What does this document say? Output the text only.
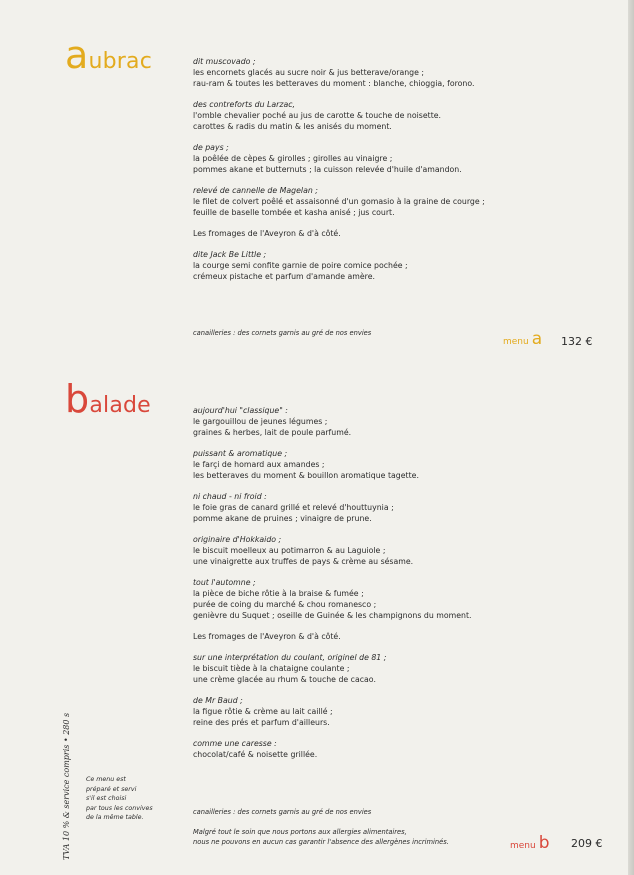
aubrac	dit muscovado ;
les encornets glacés au sucre noir & jus betterave/orange ;
rau-ram & toutes les betteraves du moment : blanche, chioggia, forono.
des contreforts du Larzac,
l'omble chevalier poché au jus de carotte & touche de noisette.
carottes & radis du matin & les anisés du moment.
de pays ;
la poêlée de cèpes & girolles ; girolles au vinaigre ;
pommes akane et butternuts ; la cuisson relevée d'huile d'amandon.
relevé de cannelle de Magelan ;
le filet de colvert poêlé et assaisonné d'un gomasio à la graine de courge ;
feuille de baselle tombée et kasha anisé ; jus court.
Les fromages de l'Aveyron & d'à côté.
dite Jack Be Little ;
la courge semi confite garnie de poire comice pochée ;
crémeux pistache et parfum d'amande amère.
canailleries : des cornets garnis au gré de nos envies
menu a 132 €
balade	aujourd'hui "classique" :
le gargouillou de jeunes légumes ;
graines & herbes, lait de poule parfumé.
puissant & aromatique ;
le farçi de homard aux amandes ;
les betteraves du moment & bouillon aromatique tagette.
ni chaud - ni froid :
le foie gras de canard grillé et relevé d'houttuynia ;
pomme akane de pruines ; vinaigre de prune.
originaire d'Hokkaido ;
le biscuit moelleux au potimarron & au Laguiole ;
une vinaigrette aux truffes de pays & crème au sésame.
tout l'automne ;
la pièce de biche rôtie à la braise & fumée ;
purée de coing du marché & chou romanesco ;
genièvre du Suquet ; oseille de Guinée & les champignons du moment.
Les fromages de l'Aveyron & d'à côté.
sur une interprétation du coulant, originel de 81 ;
le biscuit tiède à la chataigne coulante ;
une crème glacée au rhum & touche de cacao.
de Mr Baud ;
la figue rôtie & crème au lait caillé ;
reine des prés et parfum d'ailleurs.
comme une caresse :
chocolat/café & noisette grillée.
canailleries : des cornets garnis au gré de nos envies
Malgré tout le soin que nous portons aux allergies alimentaires,
nous ne pouvons en aucun cas garantir l'absence des allergènes incriminés.	menu b 209 €
Ce menu est
préparé et servi
s'il est choisi
par tous les convives
de la même table.
TVA 10 % & service compris • 280 s
